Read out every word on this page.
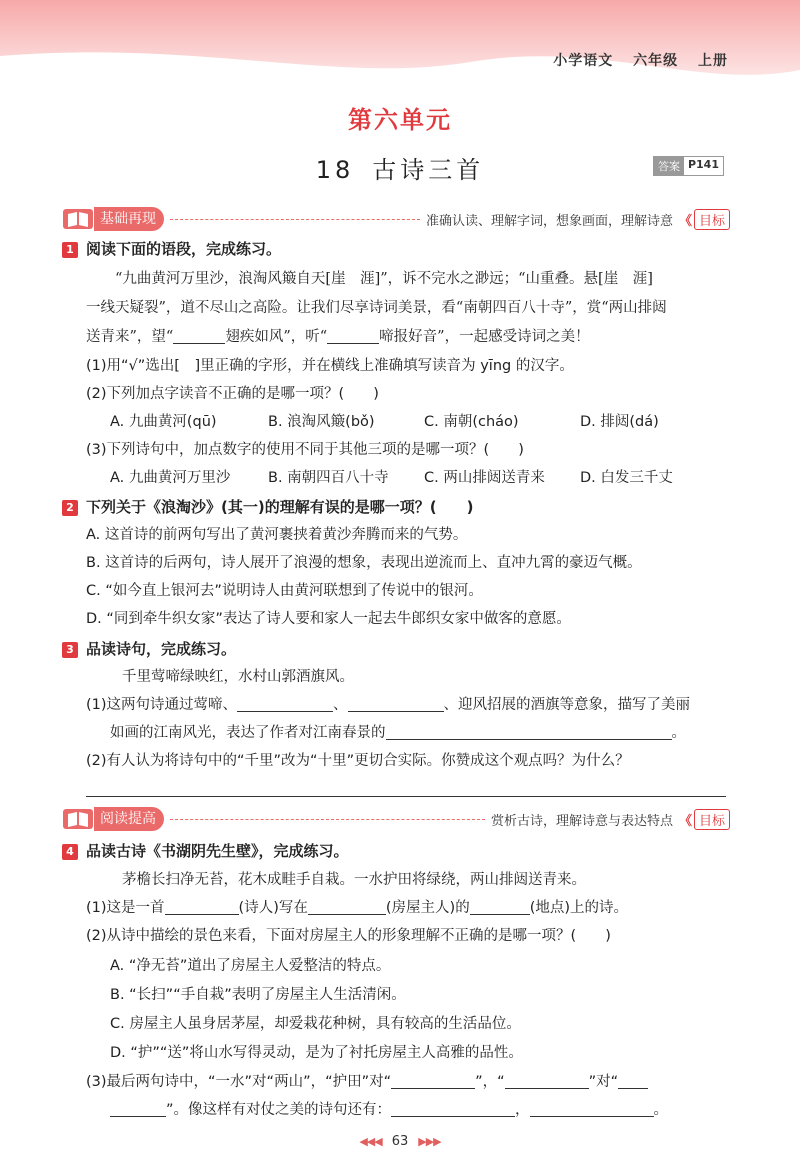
小学语文 六年级 上册
第六单元
18 古诗三首	答案 P141
基础再现	准确认读、理解字词，想象画面，理解诗意 《 目标
1 阅读下面的语段，完成练习。
“九曲黄河万里沙，浪淘风簸自天[崖　涯]”，诉不完水之渺远；“山重叠。悬[崖　涯]
一线天疑裂”，道不尽山之高险。让我们尽享诗词美景，看“南朝四百八十寺”，赏“两山排闼
送青来”，望“	翅疾如风”，听“	啼报好音”，一起感受诗词之美！
(1)用“√”选出[　]里正确的字形，并在横线上准确填写读音为 yīng 的汉字。
(2)下列加点字读音不正确的是哪一项？(　　)
A. 九曲黄河(qū)	B. 浪淘风簸(bǒ)	C. 南朝(cháo)	D. 排闼(dá)
(3)下列诗句中，加点数字的使用不同于其他三项的是哪一项？(　　)
A. 九曲黄河万里沙	B. 南朝四百八十寺 C. 两山排闼送青来 D. 白发三千丈
2 下列关于《浪淘沙》(其一)的理解有误的是哪一项？(　　)
A. 这首诗的前两句写出了黄河裹挟着黄沙奔腾而来的气势。
B. 这首诗的后两句，诗人展开了浪漫的想象，表现出逆流而上、直冲九霄的豪迈气概。
C. “如今直上银河去”说明诗人由黄河联想到了传说中的银河。
D. “同到牵牛织女家”表达了诗人要和家人一起去牛郎织女家中做客的意愿。
3 品读诗句，完成练习。
千里莺啼绿映红，水村山郭酒旗风。
(1)这两句诗通过莺啼、	、	、迎风招展的酒旗等意象，描写了美丽
如画的江南风光，表达了作者对江南春景的	。
(2)有人认为将诗句中的“千里”改为“十里”更切合实际。你赞成这个观点吗？为什么？
阅读提高	赏析古诗，理解诗意与表达特点 《 目标
4 品读古诗《书湖阴先生壁》，完成练习。
茅檐长扫净无苔，花木成畦手自栽。一水护田将绿绕，两山排闼送青来。
(1)这是一首	(诗人)写在	(房屋主人)的	(地点)上的诗。
(2)从诗中描绘的景色来看，下面对房屋主人的形象理解不正确的是哪一项？(　　)
A. “净无苔”道出了房屋主人爱整洁的特点。
B. “长扫”“手自栽”表明了房屋主人生活清闲。
C. 房屋主人虽身居茅屋，却爱栽花种树，具有较高的生活品位。
D. “护”“送”将山水写得灵动，是为了衬托房屋主人高雅的品性。
(3)最后两句诗中，“一水”对“两山”，“护田”对“	”，“	”对“
”。像这样有对仗之美的诗句还有：	，	。
◀◀◀ 63 ▶▶▶
